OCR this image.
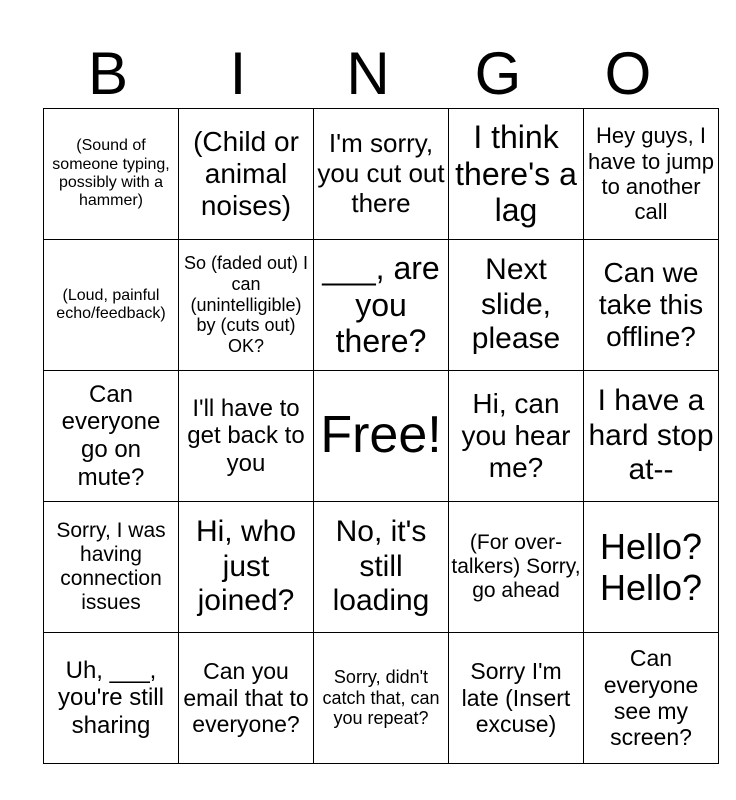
B	I	N	G	O
(Sound of someone typing, possibly with a hammer)	(Child or animal noises)	I'm sorry, you cut out there	I think there's a lag	Hey guys, I have to jump to another call
(Loud, painful echo/feedback)	So (faded out) I can (unintelligible) by (cuts out) OK?	___, are you there?	Next slide, please	Can we take this offline?
Can everyone go on mute?	I'll have to get back to you	Free!	Hi, can you hear me?	I have a hard stop at--
Sorry, I was having connection issues	Hi, who just joined?	No, it's still loading	(For over-talkers) Sorry, go ahead	Hello? Hello?
Uh, ___, you're still sharing	Can you email that to everyone?	Sorry, didn't catch that, can you repeat?	Sorry I'm late (Insert excuse)	Can everyone see my screen?
